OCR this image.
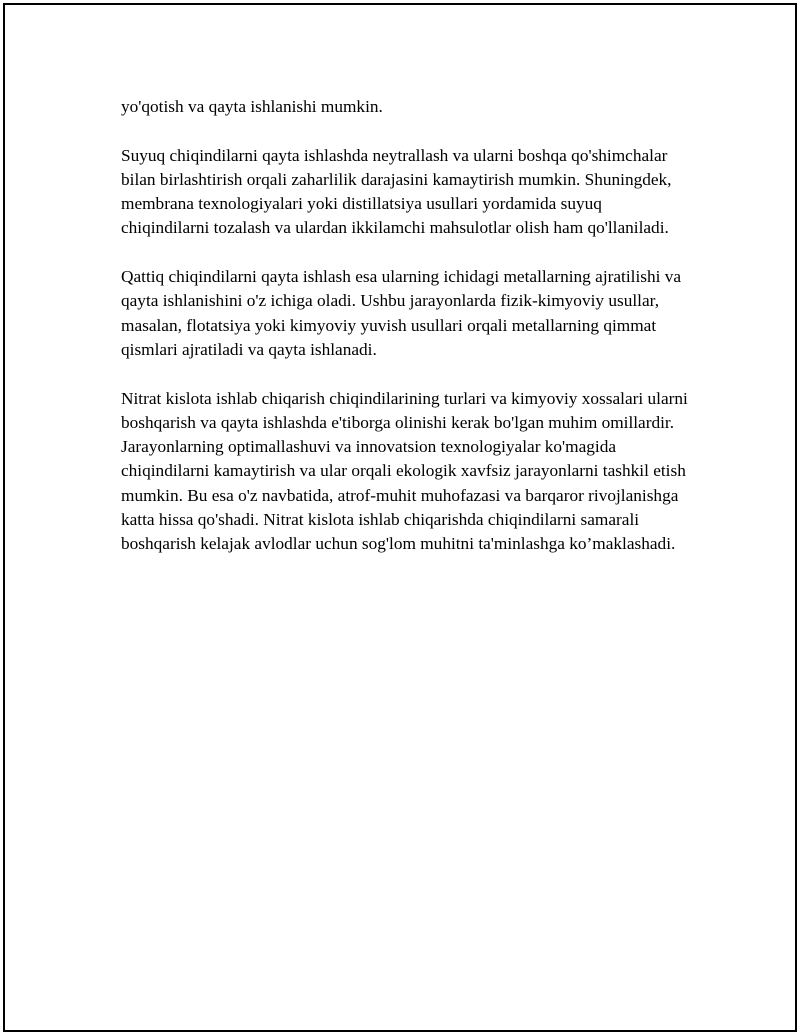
yo'qotish va qayta ishlanishi mumkin.

Suyuq chiqindilarni qayta ishlashda neytrallash va ularni boshqa qo'shimchalar bilan birlashtirish orqali zaharlilik darajasini kamaytirish mumkin. Shuningdek, membrana texnologiyalari yoki distillatsiya usullari yordamida suyuq chiqindilarni tozalash va ulardan ikkilamchi mahsulotlar olish ham qo'llaniladi.

Qattiq chiqindilarni qayta ishlash esa ularning ichidagi metallarning ajratilishi va qayta ishlanishini o'z ichiga oladi. Ushbu jarayonlarda fizik-kimyoviy usullar, masalan, flotatsiya yoki kimyoviy yuvish usullari orqali metallarning qimmat qismlari ajratiladi va qayta ishlanadi.

Nitrat kislota ishlab chiqarish chiqindilarining turlari va kimyoviy xossalari ularni boshqarish va qayta ishlashda e'tiborga olinishi kerak bo'lgan muhim omillardir. Jarayonlarning optimallashuvi va innovatsion texnologiyalar ko'magida chiqindilarni kamaytirish va ular orqali ekologik xavfsiz jarayonlarni tashkil etish mumkin. Bu esa o'z navbatida, atrof-muhit muhofazasi va barqaror rivojlanishga katta hissa qo'shadi. Nitrat kislota ishlab chiqarishda chiqindilarni samarali boshqarish kelajak avlodlar uchun sog'lom muhitni ta'minlashga ko’maklashadi.
